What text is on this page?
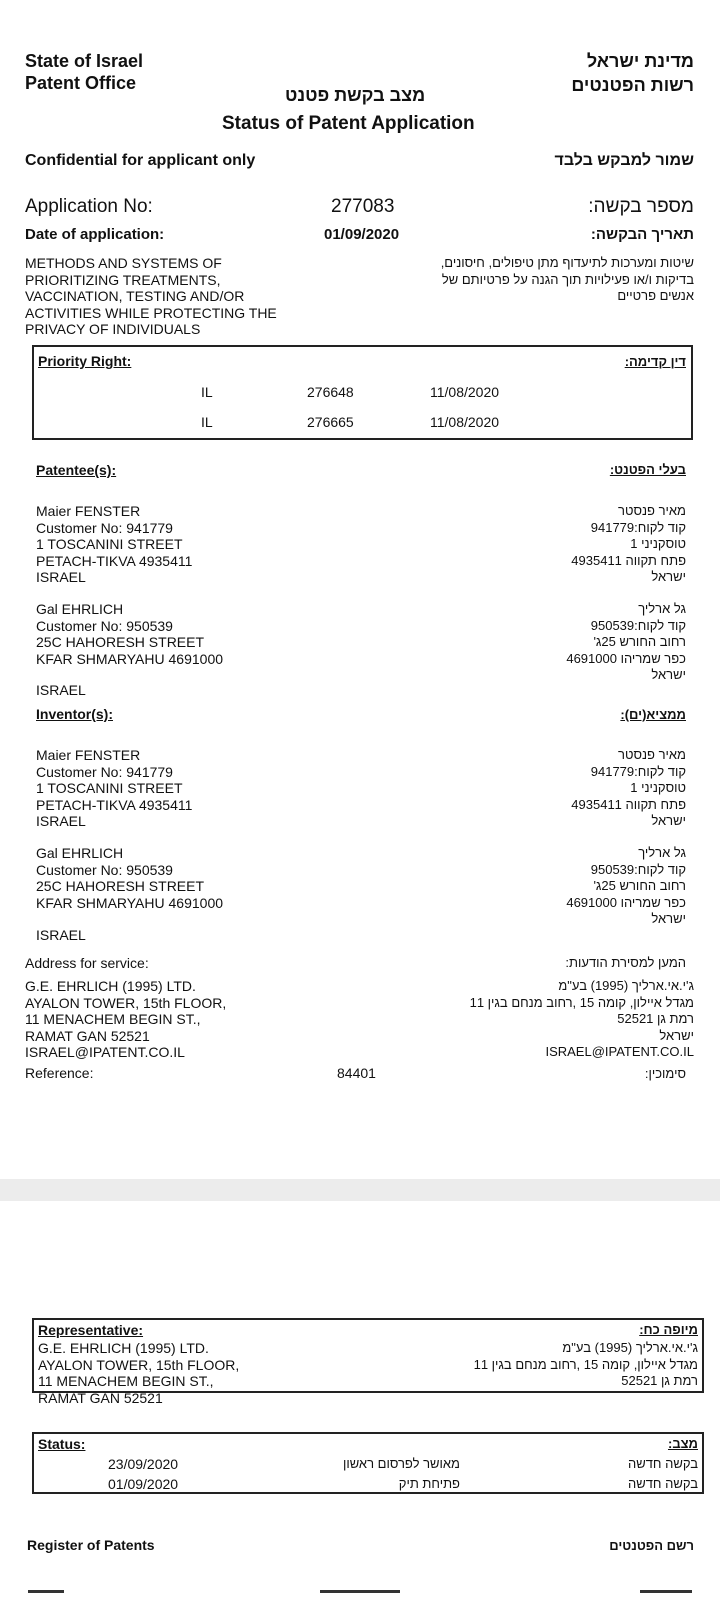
State of Israel
Patent Office
מדינת ישראל
רשות הפטנטים
מצב בקשת פטנט
Status of Patent Application
Confidential for applicant only	שמור למבקש בלבד
Application No:	277083	מספר בקשה:
Date of application:	01/09/2020	תאריך הבקשה:
METHODS AND SYSTEMS OF
PRIORITIZING TREATMENTS,
VACCINATION, TESTING AND/OR
ACTIVITIES WHILE PROTECTING THE
PRIVACY OF INDIVIDUALS
שיטות ומערכות לתיעדוף מתן טיפולים, חיסונים,
בדיקות ו/או פעילויות תוך הגנה על פרטיותם של
אנשים פרטיים
Priority Right:	דין קדימה:
IL	276648	11/08/2020
IL	276665	11/08/2020
Patentee(s):	בעלי הפטנט:
Maier FENSTER
Customer No: 941779
1 TOSCANINI STREET
PETACH-TIKVA 4935411
ISRAEL
מאיר פנסטר
קוד לקוח:941779
טוסקניני 1
פתח תקווה 4935411
ישראל
Gal EHRLICH
Customer No: 950539
25C HAHORESH STREET
KFAR SHMARYAHU 4691000
ISRAEL
גל ארליך
קוד לקוח:950539
רחוב החורש 25ג'
כפר שמריהו 4691000
ישראל
Inventor(s):	ממציא(ים):
Maier FENSTER
Customer No: 941779
1 TOSCANINI STREET
PETACH-TIKVA 4935411
ISRAEL
מאיר פנסטר
קוד לקוח:941779
טוסקניני 1
פתח תקווה 4935411
ישראל
Gal EHRLICH
Customer No: 950539
25C HAHORESH STREET
KFAR SHMARYAHU 4691000
ISRAEL
גל ארליך
קוד לקוח:950539
רחוב החורש 25ג'
כפר שמריהו 4691000
ישראל
Address for service:	המען למסירת הודעות:
G.E. EHRLICH (1995) LTD.
AYALON TOWER, 15th FLOOR,
11 MENACHEM BEGIN ST.,
RAMAT GAN 52521
ISRAEL@IPATENT.CO.IL
ג'י.אי.ארליך (1995) בע"מ
מגדל איילון, קומה 15 ,רחוב מנחם בגין 11
רמת גן 52521
ישראל
ISRAEL@IPATENT.CO.IL
Reference:	84401	סימוכין:
Representative:	מיופה כח:
G.E. EHRLICH (1995) LTD.
AYALON TOWER, 15th FLOOR,
11 MENACHEM BEGIN ST.,
RAMAT GAN 52521
ג'י.אי.ארליך (1995) בע"מ
מגדל איילון, קומה 15 ,רחוב מנחם בגין 11
רמת גן 52521
Status:	מצב:
23/09/2020	מאושר לפרסום ראשון	בקשה חדשה
01/09/2020	פתיחת תיק	בקשה חדשה
Register of Patents	רשם הפטנטים
